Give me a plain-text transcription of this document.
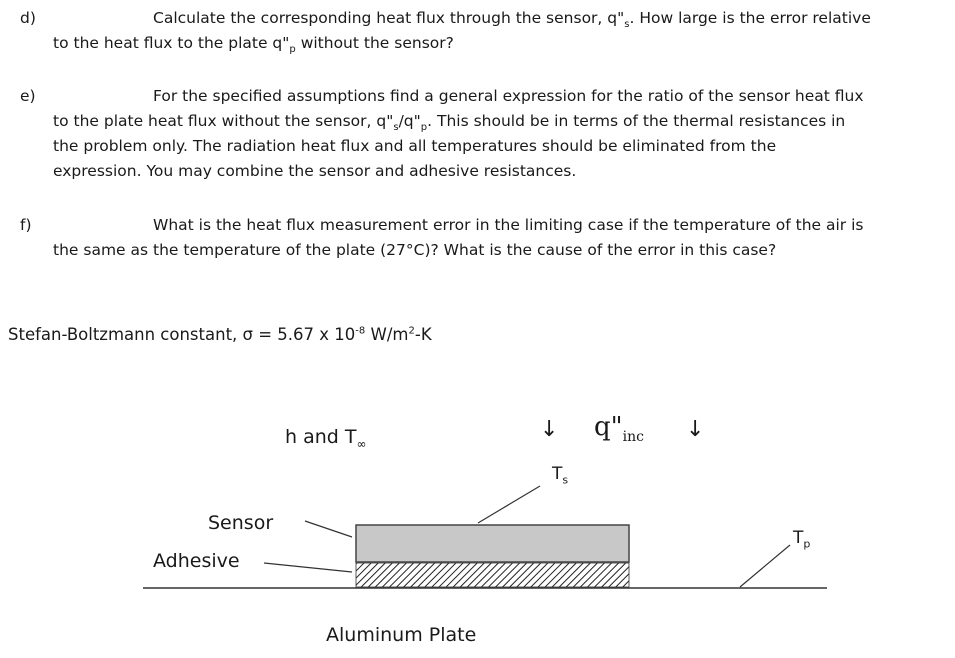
d)	Calculate the corresponding heat flux through the sensor, $q"_s$. How large is the error relative
to the heat flux to the plate $q"_p$ without the sensor?
e)	For the specified assumptions find a general expression for the ratio of the sensor heat flux
to the plate heat flux without the sensor, $q"_s/q"_p$. This should be in terms of the thermal resistances in
the problem only. The radiation heat flux and all temperatures should be eliminated from the
expression. You may combine the sensor and adhesive resistances.
f)	What is the heat flux measurement error in the limiting case if the temperature of the air is
the same as the temperature of the plate (27°C)? What is the cause of the error in this case?
Stefan-Boltzmann constant, σ = 5.67 x $10^{-8}$ $W/m^2-K$
h and $T_\infty$
↓ $q"_{inc}$ ↓
$T_s$
$T_p$
Sensor
Adhesive
Aluminum Plate
